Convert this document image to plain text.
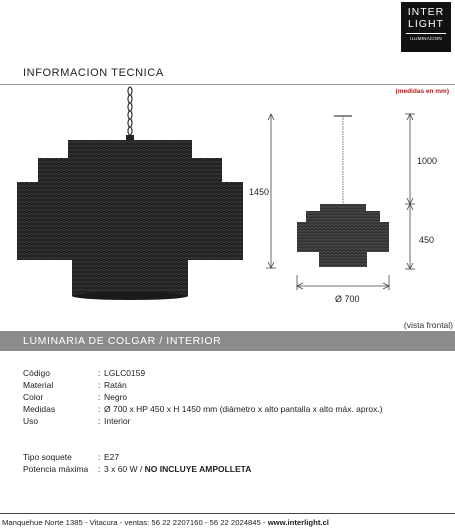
INTER
LIGHT
ILUMINACION
INFORMACION TECNICA
(medidas en mm)
1450
1000
450
Ø 700
(vista frontal)
LUMINARIA DE COLGAR / INTERIOR
Código	: LGLC0159
Material	: Ratán
Color	: Negro
Medidas	: Ø 700 x HP 450 x H 1450 mm (diámetro x alto pantalla x alto máx. aprox.)
Uso	: Interior
Tipo soquete	: E27
Potencia máxima : 3 x 60 W / NO INCLUYE AMPOLLETA
Manquehue Norte 1385 - Vitacura - ventas: 56 22 2207160 - 56 22 2024845 - www.interlight.cl
